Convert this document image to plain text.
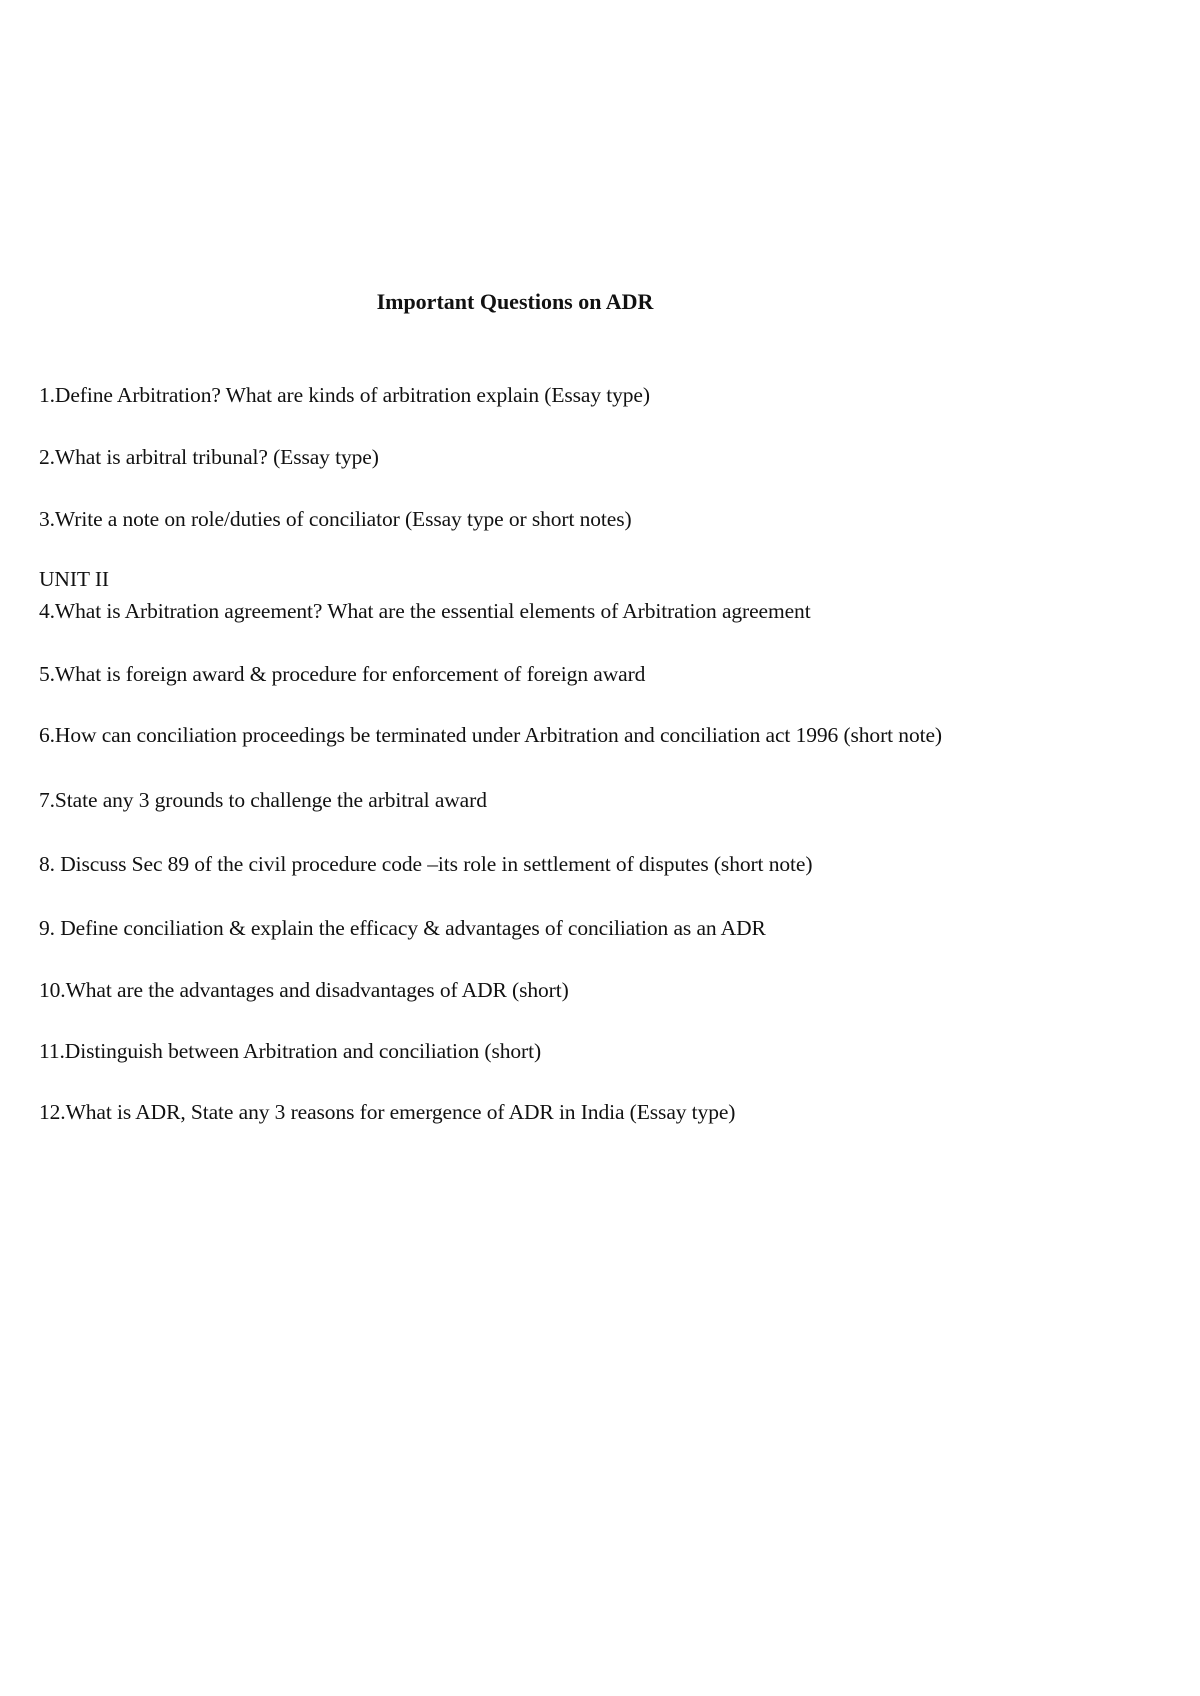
Important Questions on ADR
1.Define Arbitration? What are kinds of arbitration explain (Essay type)
2.What is arbitral tribunal? (Essay type)
3.Write a note on role/duties of conciliator (Essay type or short notes)
UNIT II
4.What is Arbitration agreement? What are the essential elements of Arbitration agreement
5.What is foreign award & procedure for enforcement of foreign award
6.How can conciliation proceedings be terminated under Arbitration and conciliation act 1996 (short note)
7.State any 3 grounds to challenge the arbitral award
8. Discuss Sec 89 of the civil procedure code –its role in settlement of disputes (short note)
9. Define conciliation & explain the efficacy & advantages of conciliation as an ADR
10.What are the advantages and disadvantages of ADR (short)
11.Distinguish between Arbitration and conciliation (short)
12.What is ADR, State any 3 reasons for emergence of ADR in India (Essay type)
